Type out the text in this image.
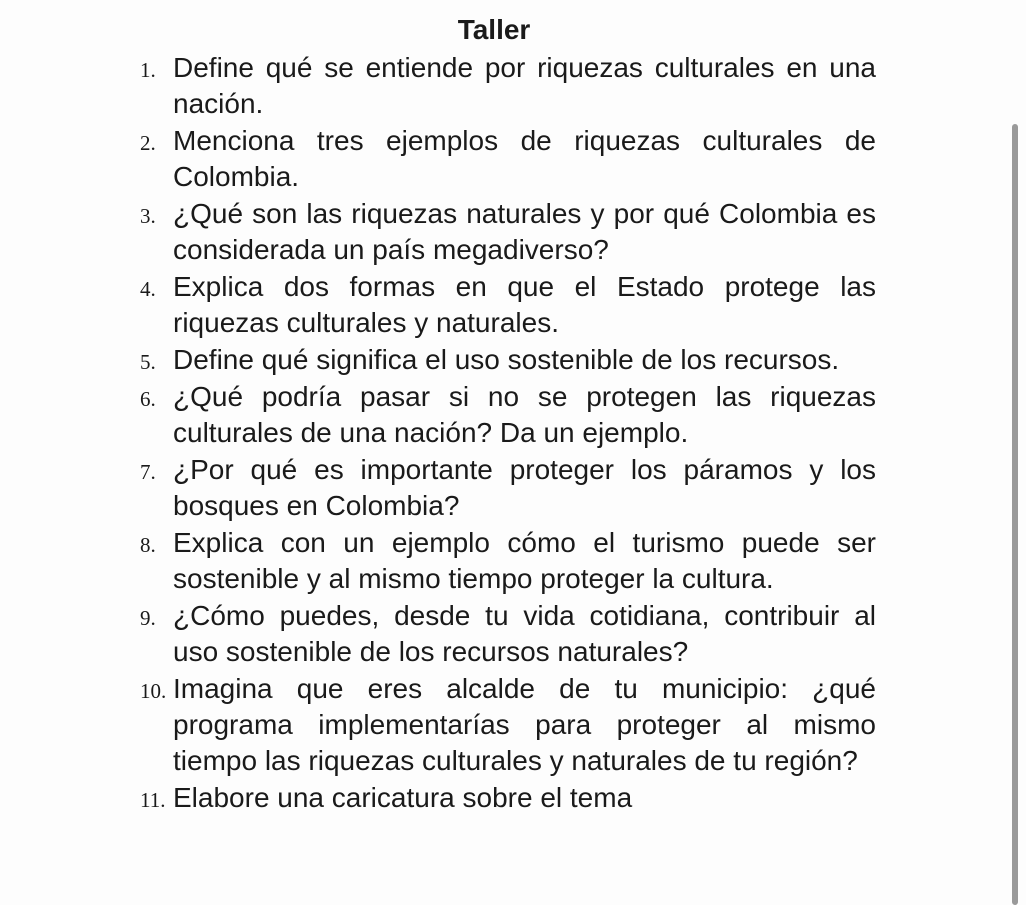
Taller
1. Define qué se entiende por riquezas culturales en una nación.
2. Menciona tres ejemplos de riquezas culturales de Colombia.
3. ¿Qué son las riquezas naturales y por qué Colombia es considerada un país megadiverso?
4. Explica dos formas en que el Estado protege las riquezas culturales y naturales.
5. Define qué significa el uso sostenible de los recursos.
6. ¿Qué podría pasar si no se protegen las riquezas culturales de una nación? Da un ejemplo.
7. ¿Por qué es importante proteger los páramos y los bosques en Colombia?
8. Explica con un ejemplo cómo el turismo puede ser sostenible y al mismo tiempo proteger la cultura.
9. ¿Cómo puedes, desde tu vida cotidiana, contribuir al uso sostenible de los recursos naturales?
10. Imagina que eres alcalde de tu municipio: ¿qué programa implementarías para proteger al mismo tiempo las riquezas culturales y naturales de tu región?
11. Elabore una caricatura sobre el tema
